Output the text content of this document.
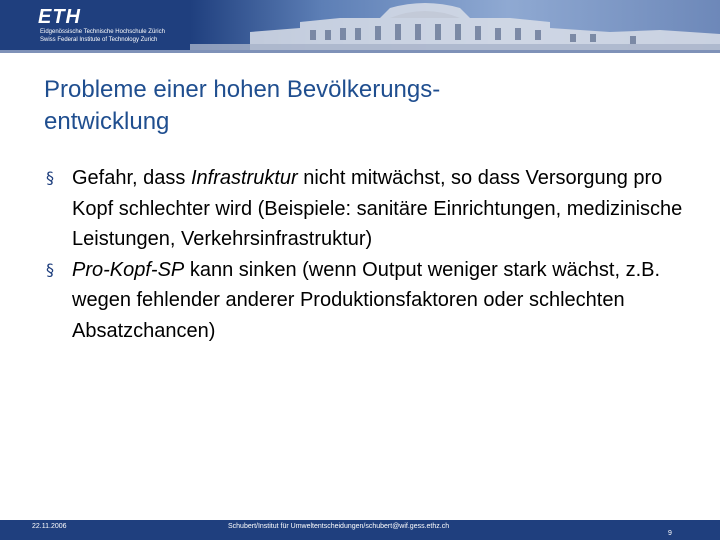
ETH
Eidgenössische Technische Hochschule Zürich
Swiss Federal Institute of Technology Zurich
Probleme einer hohen Bevölkerungs-
entwicklung
§ Gefahr, dass Infrastruktur nicht mitwächst, so dass Versorgung pro Kopf schlechter wird (Beispiele: sanitäre Einrichtungen, medizinische Leistungen, Verkehrsinfrastruktur)
§ Pro-Kopf-SP kann sinken (wenn Output weniger stark wächst, z.B. wegen fehlender anderer Produktionsfaktoren oder schlechten Absatzchancen)
22.11.2006	Schubert/Institut für Umweltentscheidungen/schubert@wif.gess.ethz.ch
9
